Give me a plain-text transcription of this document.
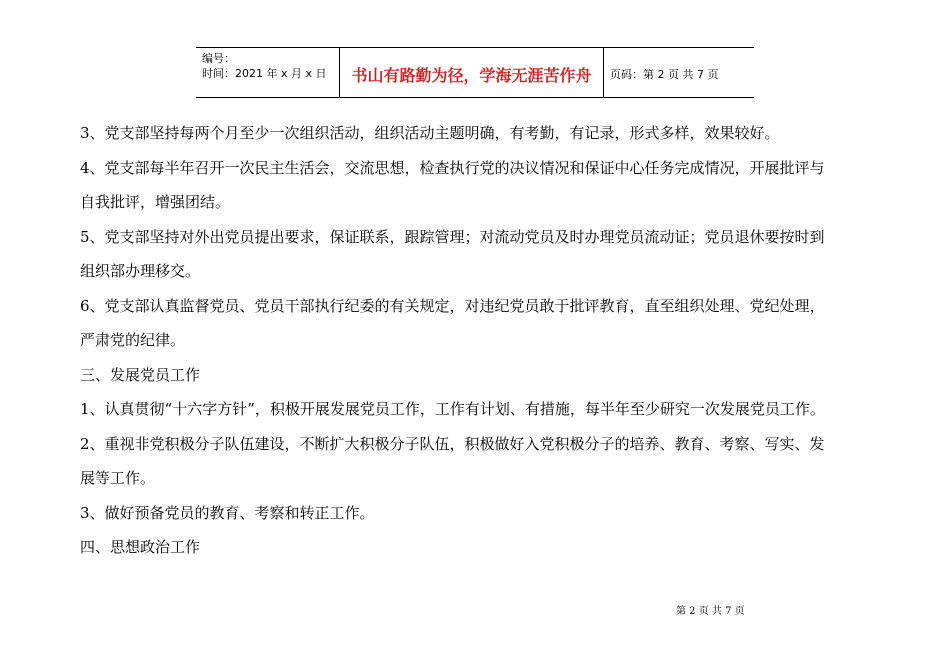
编号：
时间：2021 年 x 月 x 日	书山有路勤为径，学海无涯苦作舟	页码：第 2 页 共 7 页
3、党支部坚持每两个月至少一次组织活动，组织活动主题明确，有考勤，有记录，形式多样，效果较好。
4、党支部每半年召开一次民主生活会，交流思想，检查执行党的决议情况和保证中心任务完成情况，开展批评与
自我批评，增强团结。
5、党支部坚持对外出党员提出要求，保证联系，跟踪管理；对流动党员及时办理党员流动证；党员退休要按时到
组织部办理移交。
6、党支部认真监督党员、党员干部执行纪委的有关规定，对违纪党员敢于批评教育，直至组织处理、党纪处理，
严肃党的纪律。
三、发展党员工作
1、认真贯彻“十六字方针”，积极开展发展党员工作，工作有计划、有措施，每半年至少研究一次发展党员工作。
2、重视非党积极分子队伍建设，不断扩大积极分子队伍，积极做好入党积极分子的培养、教育、考察、写实、发
展等工作。
3、做好预备党员的教育、考察和转正工作。
四、思想政治工作
第 2 页 共 7 页
